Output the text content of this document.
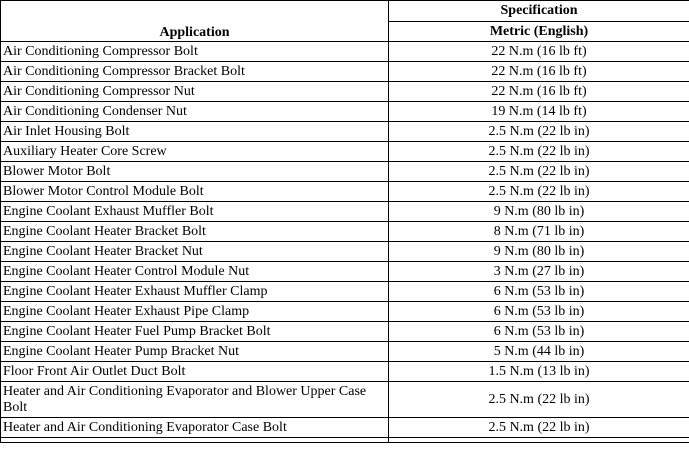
Application	Specification
	Metric (English)
Air Conditioning Compressor Bolt	22 N.m (16 lb ft)
Air Conditioning Compressor Bracket Bolt	22 N.m (16 lb ft)
Air Conditioning Compressor Nut	22 N.m (16 lb ft)
Air Conditioning Condenser Nut	19 N.m (14 lb ft)
Air Inlet Housing Bolt	2.5 N.m (22 lb in)
Auxiliary Heater Core Screw	2.5 N.m (22 lb in)
Blower Motor Bolt	2.5 N.m (22 lb in)
Blower Motor Control Module Bolt	2.5 N.m (22 lb in)
Engine Coolant Exhaust Muffler Bolt	9 N.m (80 lb in)
Engine Coolant Heater Bracket Bolt	8 N.m (71 lb in)
Engine Coolant Heater Bracket Nut	9 N.m (80 lb in)
Engine Coolant Heater Control Module Nut	3 N.m (27 lb in)
Engine Coolant Heater Exhaust Muffler Clamp	6 N.m (53 lb in)
Engine Coolant Heater Exhaust Pipe Clamp	6 N.m (53 lb in)
Engine Coolant Heater Fuel Pump Bracket Bolt	6 N.m (53 lb in)
Engine Coolant Heater Pump Bracket Nut	5 N.m (44 lb in)
Floor Front Air Outlet Duct Bolt	1.5 N.m (13 lb in)
Heater and Air Conditioning Evaporator and Blower Upper Case Bolt	2.5 N.m (22 lb in)
Heater and Air Conditioning Evaporator Case Bolt	2.5 N.m (22 lb in)
